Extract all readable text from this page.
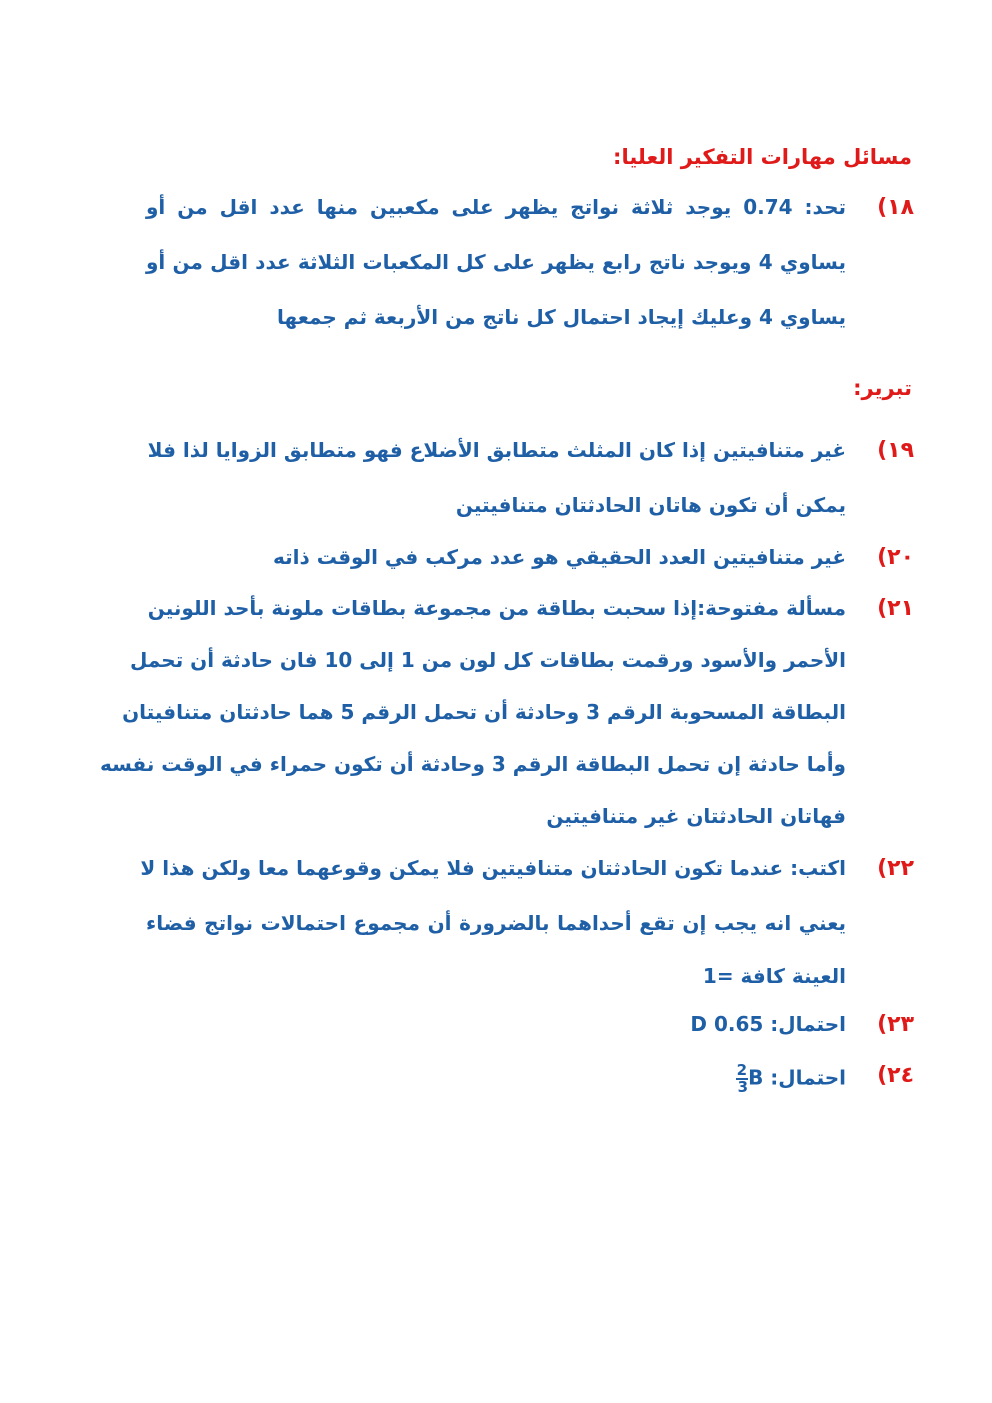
مسائل مهارات التفكير العليا:
١٨)
تحد: 0.74 يوجد ثلاثة نواتج يظهر على مكعبين منها عدد اقل من أو
يساوي 4 ويوجد ناتج رابع يظهر على كل المكعبات الثلاثة عدد اقل من أو
يساوي 4 وعليك إيجاد احتمال كل ناتج من الأربعة ثم جمعها
تبرير:
١٩)
غير متنافيتين إذا كان المثلث متطابق الأضلاع فهو متطابق الزوايا لذا فلا
يمكن أن تكون هاتان الحادثتان متنافيتين
٢٠)
غير متنافيتين العدد الحقيقي هو عدد مركب في الوقت ذاته
٢١)
مسألة مفتوحة:إذا سحبت بطاقة من مجموعة بطاقات ملونة بأحد اللونين
الأحمر والأسود ورقمت بطاقات كل لون من 1 إلى 10 فان حادثة أن تحمل
البطاقة المسحوبة الرقم 3 وحادثة أن تحمل الرقم 5 هما حادثتان متنافيتان
وأما حادثة إن تحمل البطاقة الرقم 3 وحادثة أن تكون حمراء في الوقت نفسه
فهاتان الحادثتان غير متنافيتين
٢٢)
اكتب: عندما تكون الحادثتان متنافيتين فلا يمكن وقوعهما معا ولكن هذا لا
يعني انه يجب إن تقع أحداهما بالضرورة أن مجموع احتمالات نواتج فضاء
العينة كافة =1
٢٣)
احتمال: D 0.65
٢٤)
احتمال:
$\frac{2}{3}$ B
